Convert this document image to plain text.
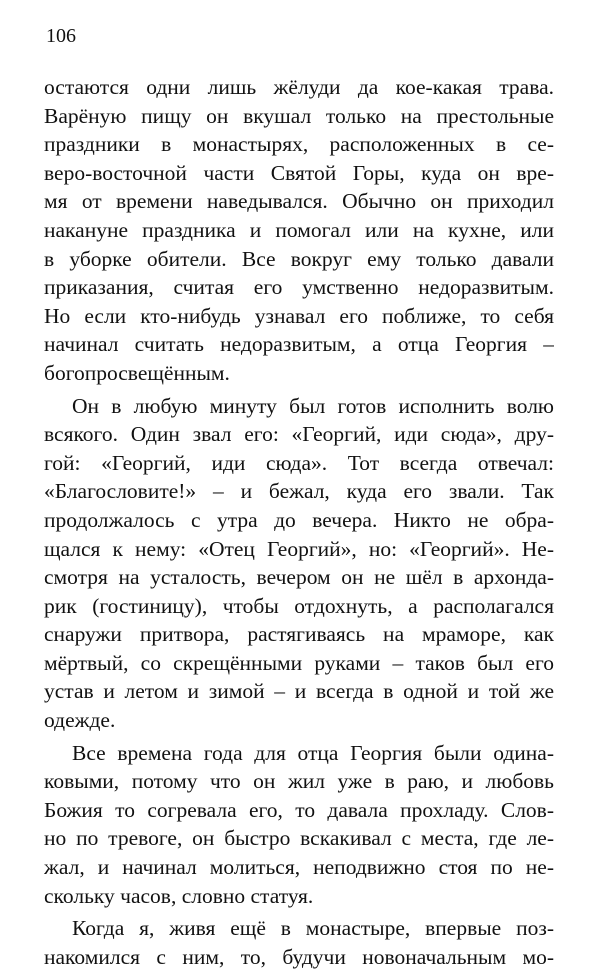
106
остаются одни лишь жёлуди да кое-какая трава.
Варёную пищу он вкушал только на престольные
праздники в монастырях, расположенных в се-
веро-восточной части Святой Горы, куда он вре-
мя от времени наведывался. Обычно он приходил
накануне праздника и помогал или на кухне, или
в уборке обители. Все вокруг ему только давали
приказания, считая его умственно недоразвитым.
Но если кто-нибудь узнавал его поближе, то себя
начинал считать недоразвитым, а отца Георгия –
богопросвещённым.
Он в любую минуту был готов исполнить волю
всякого. Один звал его: «Георгий, иди сюда», дру-
гой: «Георгий, иди сюда». Тот всегда отвечал:
«Благословите!» – и бежал, куда его звали. Так
продолжалось с утра до вечера. Никто не обра-
щался к нему: «Отец Георгий», но: «Георгий». Не-
смотря на усталость, вечером он не шёл в архонда-
рик (гостиницу), чтобы отдохнуть, а располагался
снаружи притвора, растягиваясь на мраморе, как
мёртвый, со скрещёнными руками – таков был его
устав и летом и зимой – и всегда в одной и той же
одежде.
Все времена года для отца Георгия были одина-
ковыми, потому что он жил уже в раю, и любовь
Божия то согревала его, то давала прохладу. Слов-
но по тревоге, он быстро вскакивал с места, где ле-
жал, и начинал молиться, неподвижно стоя по не-
скольку часов, словно статуя.
Когда я, живя ещё в монастыре, впервые поз-
накомился с ним, то, будучи новоначальным мо-
